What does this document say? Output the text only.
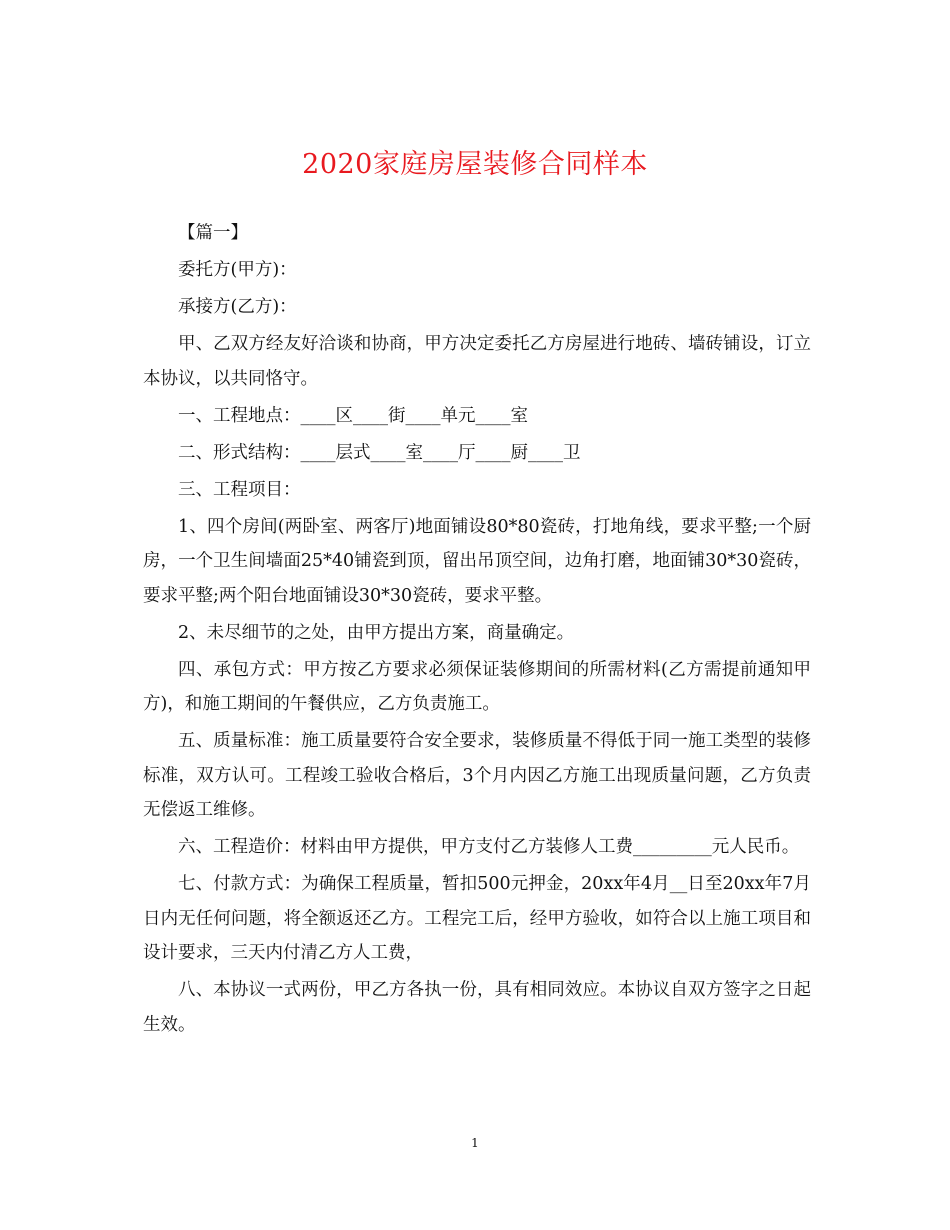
2020家庭房屋装修合同样本

【篇一】

委托方(甲方)：

承接方(乙方)：

甲、乙双方经友好洽谈和协商，甲方决定委托乙方房屋进行地砖、墙砖铺设，订立本协议，以共同恪守。

一、工程地点：____区____街____单元____室

二、形式结构：____层式____室____厅____厨____卫

三、工程项目：

1、四个房间(两卧室、两客厅)地面铺设80*80瓷砖，打地角线，要求平整;一个厨房，一个卫生间墙面25*40铺瓷到顶，留出吊顶空间，边角打磨，地面铺30*30瓷砖，要求平整;两个阳台地面铺设30*30瓷砖，要求平整。

2、未尽细节的之处，由甲方提出方案，商量确定。

四、承包方式：甲方按乙方要求必须保证装修期间的所需材料(乙方需提前通知甲方)，和施工期间的午餐供应，乙方负责施工。

五、质量标准：施工质量要符合安全要求，装修质量不得低于同一施工类型的装修标准，双方认可。工程竣工验收合格后，3个月内因乙方施工出现质量问题，乙方负责无偿返工维修。

六、工程造价：材料由甲方提供，甲方支付乙方装修人工费_________元人民币。

七、付款方式：为确保工程质量，暂扣500元押金，20xx年4月__日至20xx年7月日内无任何问题，将全额返还乙方。工程完工后，经甲方验收，如符合以上施工项目和设计要求，三天内付清乙方人工费，

八、本协议一式两份，甲乙方各执一份，具有相同效应。本协议自双方签字之日起生效。

1
